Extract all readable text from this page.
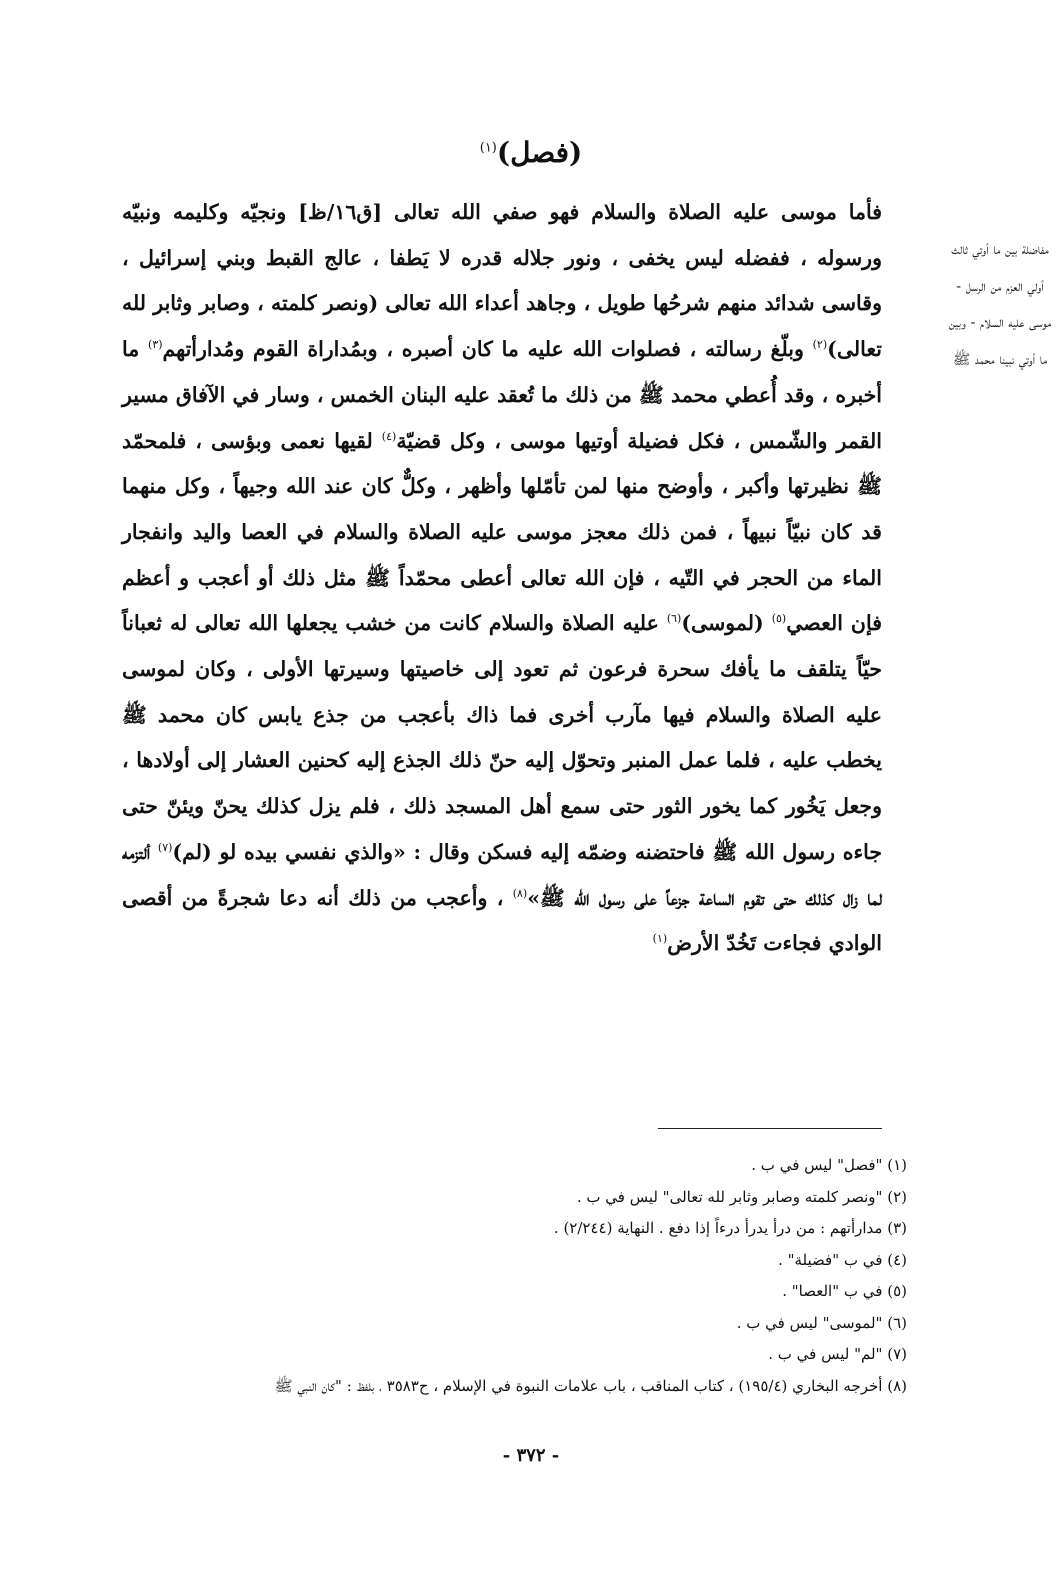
(فصل)$^{(١)}$
مفاضلة بين ما أوتي ثالث أولي العزم من الرسل - موسى عليه السلام - وبين ما أوتي نبينا محمد ﷺ

فأما موسى عليه الصلاة والسلام فهو صفي الله تعالى [ق١٦/ظ] ونجيّه وكليمه ونبيّه ورسوله ، ففضله ليس يخفى ، ونور جلاله قدره لا يَطفا ، عالج القبط وبني إسرائيل ، وقاسى شدائد منهم شرحُها طويل ، وجاهد أعداء الله تعالى (ونصر كلمته ، وصابر وثابر لله تعالى)$^{(٢)}$ وبلّغ رسالته ، فصلوات الله عليه ما كان أصبره ، وبمُداراة القوم ومُدارأتهم$^{(٣)}$ ما أخبره ، وقد أُعطي محمد ﷺ من ذلك ما تُعقد عليه البنان الخمس ، وسار في الآفاق مسير القمر والشّمس ، فكل فضيلة أوتيها موسى ، وكل قضيّة$^{(٤)}$ لقيها نعمى وبؤسى ، فلمحمّد ﷺ نظيرتها وأكبر ، وأوضح منها لمن تأمّلها وأظهر ، وكلٌّ كان عند الله وجيهاً ، وكل منهما قد كان نبيّاً نبيهاً ، فمن ذلك معجز موسى عليه الصلاة والسلام في العصا واليد وانفجار الماء من الحجر في التّيه ، فإن الله تعالى أعطى محمّداً ﷺ مثل ذلك أو أعجب و أعظم فإن العصي$^{(٥)}$ (لموسى)$^{(٦)}$ عليه الصلاة والسلام كانت من خشب يجعلها الله تعالى له ثعباناً حيّاً يتلقف ما يأفك سحرة فرعون ثم تعود إلى خاصيتها وسيرتها الأولى ، وكان لموسى عليه الصلاة والسلام فيها مآرب أخرى فما ذاك بأعجب من جذع يابس كان محمد ﷺ يخطب عليه ، فلما عمل المنبر وتحوّل إليه حنّ ذلك الجذع إليه كحنين العشار إلى أولادها ، وجعل يَخُور كما يخور الثور حتى سمع أهل المسجد ذلك ، فلم يزل كذلك يحنّ ويئنّ حتى جاءه رسول الله ﷺ فاحتضنه وضمّه إليه فسكن وقال : «والذي نفسي بيده لو (لم)$^{(٧)}$ ألتزمه لما زال كذلك حتى تقوم الساعة جزعاً على رسول الله ﷺ»$^{(٨)}$ ، وأعجب من ذلك أنه دعا شجرةً من أقصى الوادي فجاءت تَخُدّ الأرض$^{(١)}$

(١) "فصل" ليس في ب .

(٢) "ونصر كلمته وصابر وثابر لله تعالى" ليس في ب .

(٣) مدارأتهم : من درأ يدرأ درءاً إذا دفع . النهاية (٢/٢٤٤) .

(٤) في ب "فضيلة" .

(٥) في ب "العصا" .

(٦) "لموسى" ليس في ب .

(٧) "لم" ليس في ب .

(٨) أخرجه البخاري (١٩٥/٤) ، كتاب المناقب ، باب علامات النبوة في الإسلام ، ح٣٥٨٣ ، بلفظ : "كان النبي ﷺ

- ٣٧٢ -
